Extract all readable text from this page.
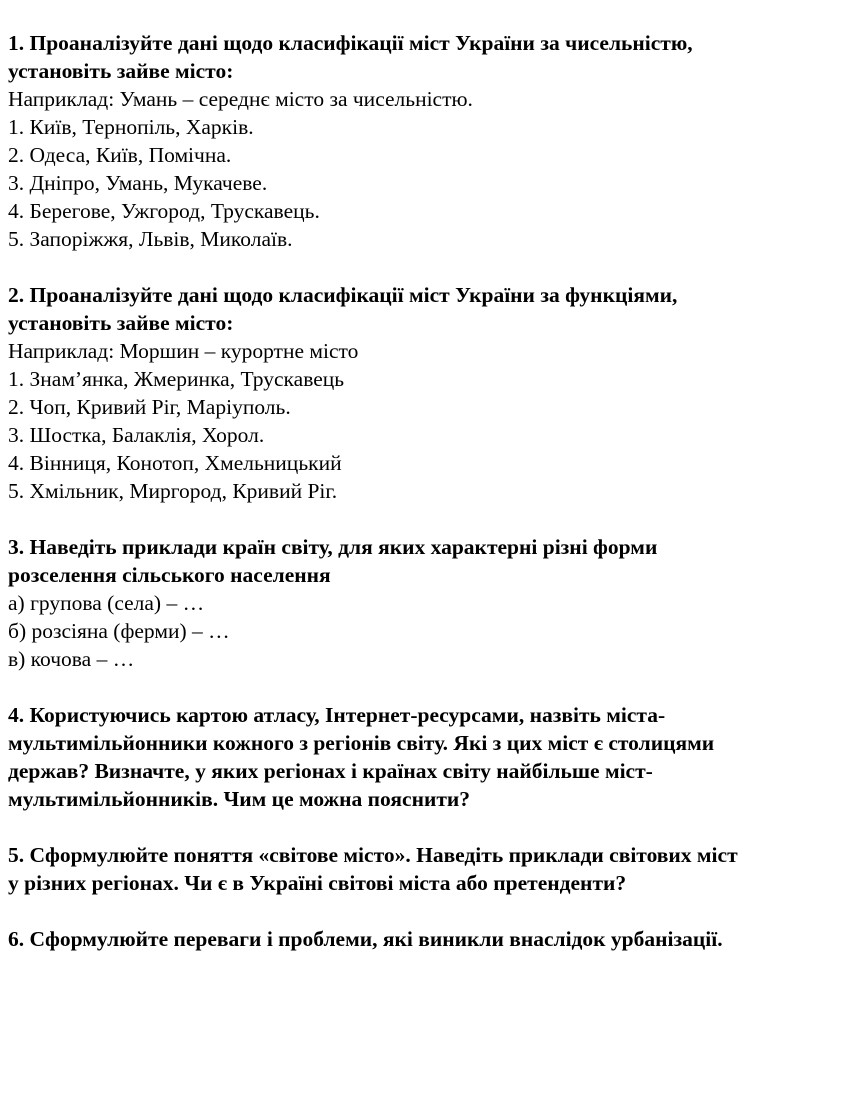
1. Проаналізуйте дані щодо класифікації міст України за чисельністю,
установіть зайве місто:
Наприклад: Умань – середнє місто за чисельністю.
1. Київ, Тернопіль, Харків.
2. Одеса, Київ, Помічна.
3. Дніпро, Умань, Мукачеве.
4. Берегове, Ужгород, Трускавець.
5. Запоріжжя, Львів, Миколаїв.
2. Проаналізуйте дані щодо класифікації міст України за функціями,
установіть зайве місто:
Наприклад: Моршин – курортне місто
1. Знам’янка, Жмеринка, Трускавець
2. Чоп, Кривий Ріг, Маріуполь.
3. Шостка, Балаклія, Хорол.
4. Вінниця, Конотоп, Хмельницький
5. Хмільник, Миргород, Кривий Ріг.
3. Наведіть приклади країн світу, для яких характерні різні форми
розселення сільського населення
а) групова (села) – …
б) розсіяна (ферми) – …
в) кочова – …
4. Користуючись картою атласу, Інтернет-ресурсами, назвіть міста-
мультимільйонники кожного з регіонів світу. Які з цих міст є столицями
держав? Визначте, у яких регіонах і країнах світу найбільше міст-
мультимільйонників. Чим це можна пояснити?
5. Сформулюйте поняття «світове місто». Наведіть приклади світових міст
у різних регіонах. Чи є в Україні світові міста або претенденти?
6. Сформулюйте переваги і проблеми, які виникли внаслідок урбанізації.
